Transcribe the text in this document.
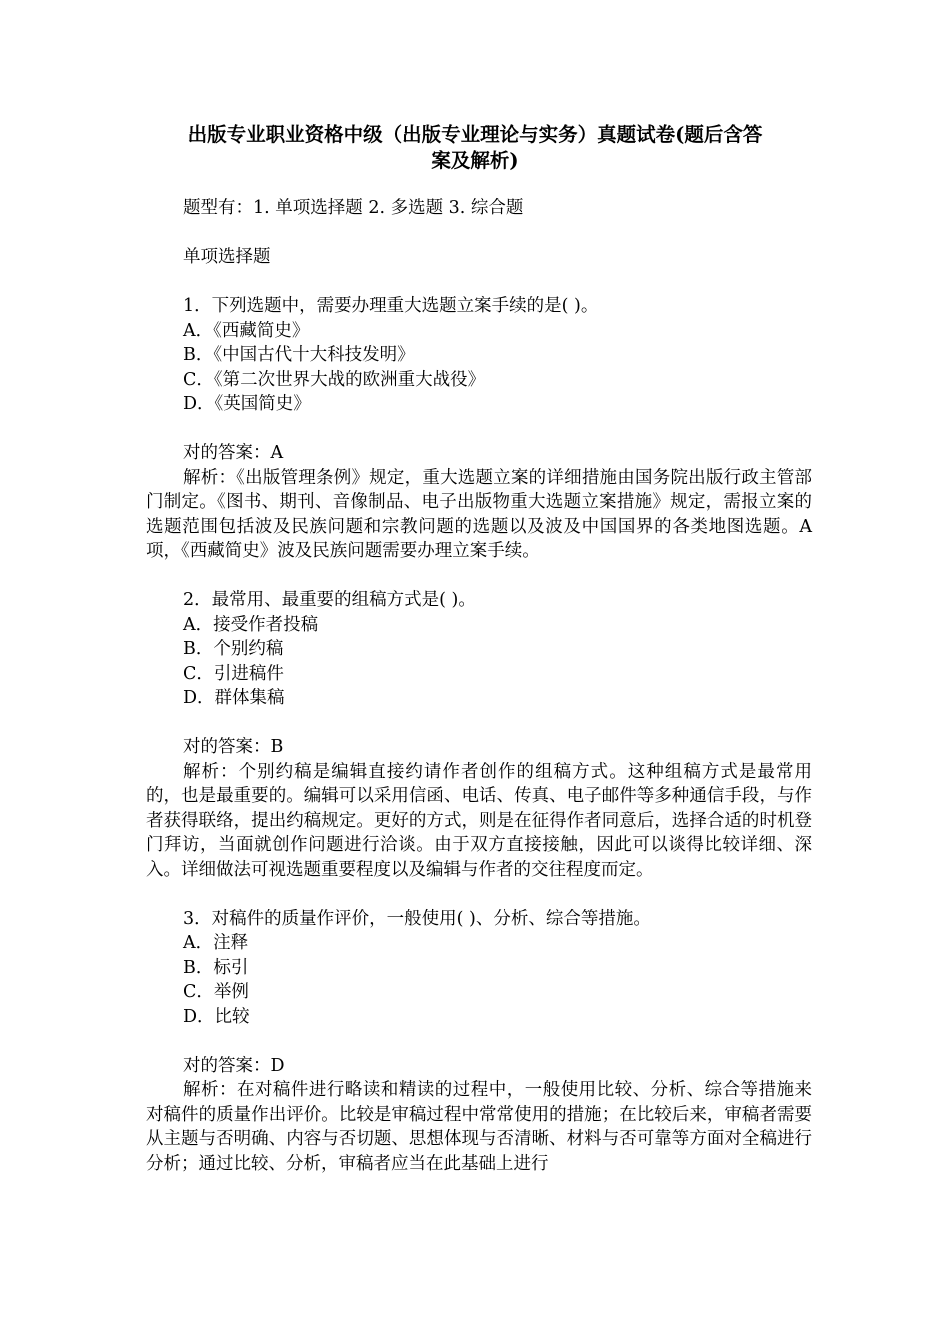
出版专业职业资格中级（出版专业理论与实务）真题试卷(题后含答
案及解析)

题型有：1. 单项选择题 2. 多选题 3. 综合题

单项选择题

1．下列选题中，需要办理重大选题立案手续的是( )。

A．《西藏简史》

B．《中国古代十大科技发明》

C．《第二次世界大战的欧洲重大战役》

D．《英国简史》

对的答案：A

解析：《出版管理条例》规定，重大选题立案的详细措施由国务院出版行政主管部门制定。《图书、期刊、音像制品、电子出版物重大选题立案措施》规定，需报立案的选题范围包括波及民族问题和宗教问题的选题以及波及中国国界的各类地图选题。A项，《西藏简史》波及民族问题需要办理立案手续。

2．最常用、最重要的组稿方式是( )。

A．接受作者投稿

B．个别约稿

C．引进稿件

D．群体集稿

对的答案：B

解析：个别约稿是编辑直接约请作者创作的组稿方式。这种组稿方式是最常用的，也是最重要的。编辑可以采用信函、电话、传真、电子邮件等多种通信手段，与作者获得联络，提出约稿规定。更好的方式，则是在征得作者同意后，选择合适的时机登门拜访，当面就创作问题进行洽谈。由于双方直接接触，因此可以谈得比较详细、深入。详细做法可视选题重要程度以及编辑与作者的交往程度而定。

3．对稿件的质量作评价，一般使用( )、分析、综合等措施。

A．注释

B．标引

C．举例

D．比较

对的答案：D

解析：在对稿件进行略读和精读的过程中，一般使用比较、分析、综合等措施来对稿件的质量作出评价。比较是审稿过程中常常使用的措施；在比较后来，审稿者需要从主题与否明确、内容与否切题、思想体现与否清晰、材料与否可靠等方面对全稿进行分析；通过比较、分析，审稿者应当在此基础上进行
